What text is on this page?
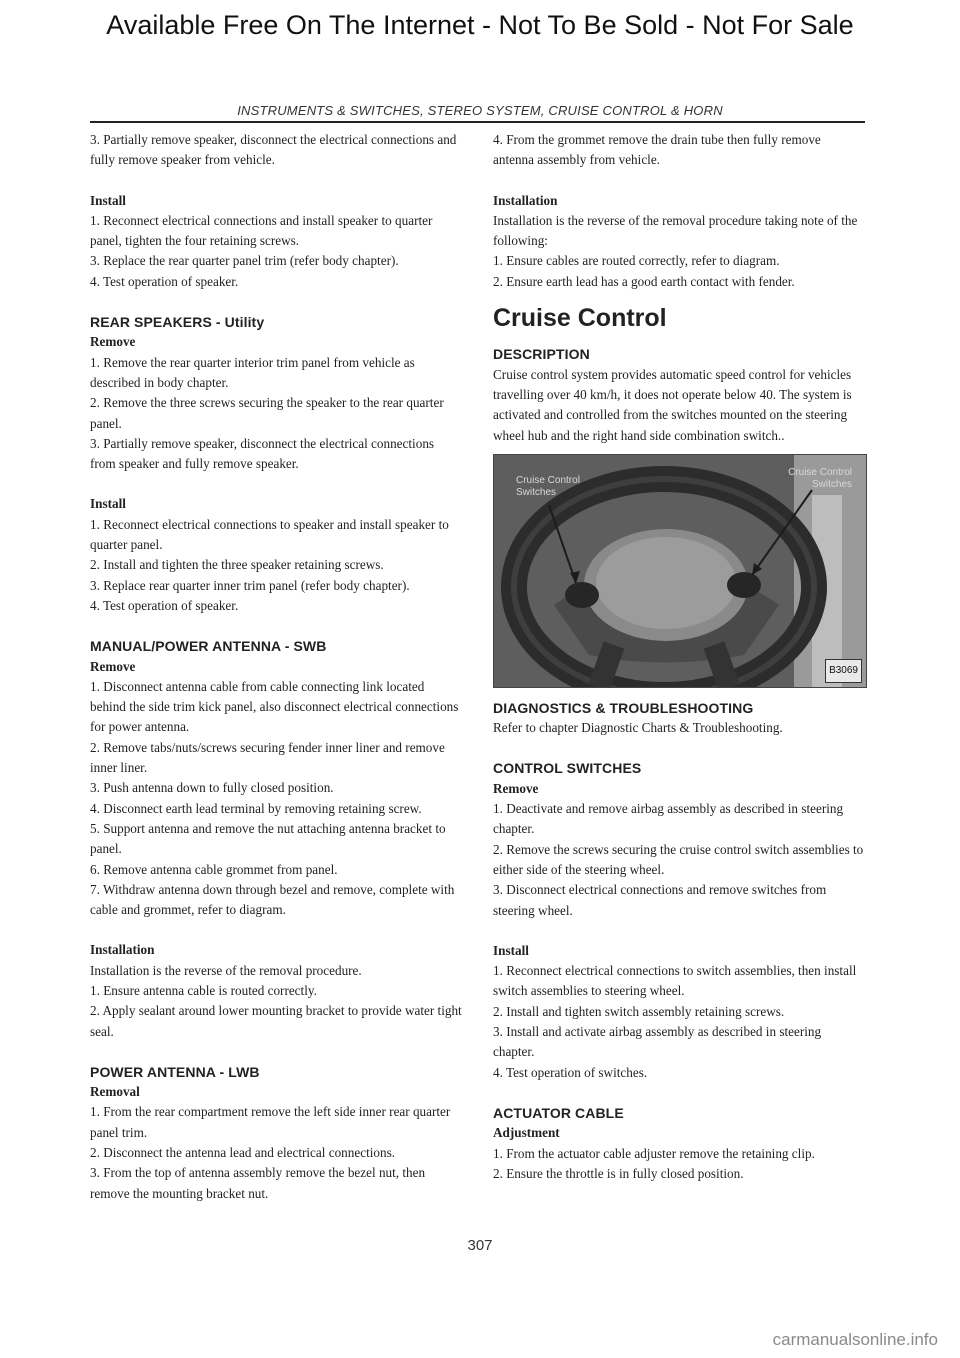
Available Free On The Internet - Not To Be Sold - Not For Sale
INSTRUMENTS & SWITCHES, STEREO SYSTEM, CRUISE CONTROL & HORN

3. Partially remove speaker, disconnect the electrical connections and fully remove speaker from vehicle.

Install

1. Reconnect electrical connections and install speaker to quarter panel, tighten the four retaining screws.

3. Replace the rear quarter panel trim (refer body chapter).

4. Test operation of speaker.

REAR SPEAKERS - Utility

Remove

1. Remove the rear quarter interior trim panel from vehicle as described in body chapter.

2. Remove the three screws securing the speaker to the rear quarter panel.

3. Partially remove speaker, disconnect the electrical connections from speaker and fully remove speaker.

Install

1. Reconnect electrical connections to speaker and install speaker to quarter panel.

2. Install and tighten the three speaker retaining screws.

3. Replace rear quarter inner trim panel (refer body chapter).

4. Test operation of speaker.

MANUAL/POWER ANTENNA - SWB

Remove

1. Disconnect antenna cable from cable connecting link located behind the side trim kick panel, also disconnect electrical connections for power antenna.

2. Remove tabs/nuts/screws securing fender inner liner and remove inner liner.

3. Push antenna down to fully closed position.

4. Disconnect earth lead terminal by removing retaining screw.

5. Support antenna and remove the nut attaching antenna bracket to panel.

6. Remove antenna cable grommet from panel.

7. Withdraw antenna down through bezel and remove, complete with cable and grommet, refer to diagram.

Installation

Installation is the reverse of the removal procedure.

1. Ensure antenna cable is routed correctly.

2. Apply sealant around lower mounting bracket to provide water tight seal.

POWER ANTENNA - LWB

Removal

1. From the rear compartment remove the left side inner rear quarter panel trim.

2. Disconnect the antenna lead and electrical connections.

3. From the top of antenna assembly remove the bezel nut, then remove the mounting bracket nut.

4. From the grommet remove the drain tube then fully remove antenna assembly from vehicle.

Installation

Installation is the reverse of the removal procedure taking note of the following:

1. Ensure cables are routed correctly, refer to diagram.

2. Ensure earth lead has a good earth contact with fender.

Cruise Control

DESCRIPTION

Cruise control system provides automatic speed control for vehicles travelling over 40 km/h, it does not operate below 40. The system is activated and controlled from the switches mounted on the steering wheel hub and the right hand side combination switch..

Cruise Control Switches
Cruise Control Switches
B3069

DIAGNOSTICS & TROUBLESHOOTING

Refer to chapter Diagnostic Charts & Troubleshooting.

CONTROL SWITCHES

Remove

1. Deactivate and remove airbag assembly as described in steering chapter.

2. Remove the screws securing the cruise control switch assemblies to either side of the steering wheel.

3. Disconnect electrical connections and remove switches from steering wheel.

Install

1. Reconnect electrical connections to switch assemblies, then install switch assemblies to steering wheel.

2. Install and tighten switch assembly retaining screws.

3. Install and activate airbag assembly as described in steering chapter.

4. Test operation of switches.

ACTUATOR CABLE

Adjustment

1. From the actuator cable adjuster remove the retaining clip.

2. Ensure the throttle is in fully closed position.

307
carmanualsonline.info
